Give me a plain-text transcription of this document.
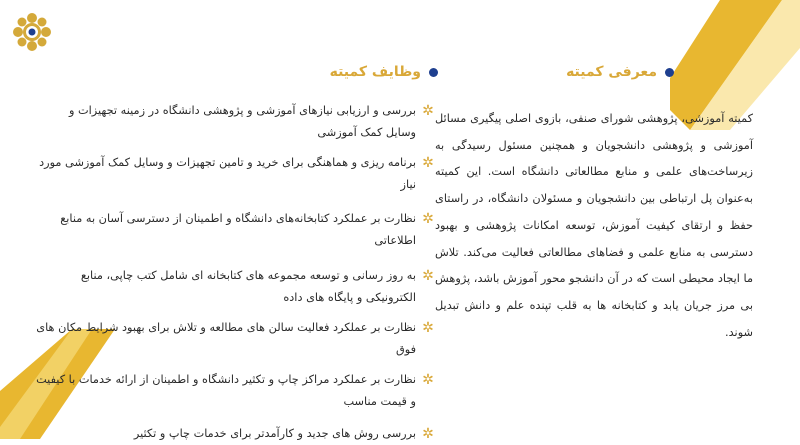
معرفی کمیته
وظایف کمیته

کمیته آموزشی، پژوهشی شورای صنفی، بازوی اصلی پیگیری مسائل آموزشی و پژوهشی دانشجویان و همچنین مسئول رسیدگی به زیرساخت‌های علمی و منابع مطالعاتی دانشگاه است. این کمیته به‌عنوان پل ارتباطی بین دانشجویان و مسئولان دانشگاه، در راستای حفظ و ارتقای کیفیت آموزش، توسعه امکانات پژوهشی و بهبود دسترسی به منابع علمی و فضاهای مطالعاتی فعالیت می‌کند. تلاش ما ایجاد محیطی است که در آن دانشجو محور آموزش باشد، پژوهش بی مرز جریان یابد و کتابخانه ها به قلب تپنده علم و دانش تبدیل شوند.

✲
بررسی و ارزیابی نیازهای آموزشی و پژوهشی دانشگاه در زمینه تجهیزات و وسایل کمک آموزشی
✲
برنامه ریزی و هماهنگی برای خرید و تامین تجهیزات و وسایل کمک آموزشی مورد نیاز
✲
نظارت بر عملکرد کتابخانه‌های دانشگاه و اطمینان از دسترسی آسان به منابع اطلاعاتی
✲
به روز رسانی و توسعه مجموعه های کتابخانه ای شامل کتب چاپی، منابع الکترونیکی و پایگاه های داده
✲
نظارت بر عملکرد فعالیت سالن های مطالعه و تلاش برای بهبود شرایط مکان های فوق
✲
نظارت بر عملکرد مراکز چاپ و تکثیر دانشگاه و اطمینان از ارائه خدمات با کیفیت و قیمت مناسب
✲
بررسی روش های جدید و کارآمدتر برای خدمات چاپ و تکثیر
